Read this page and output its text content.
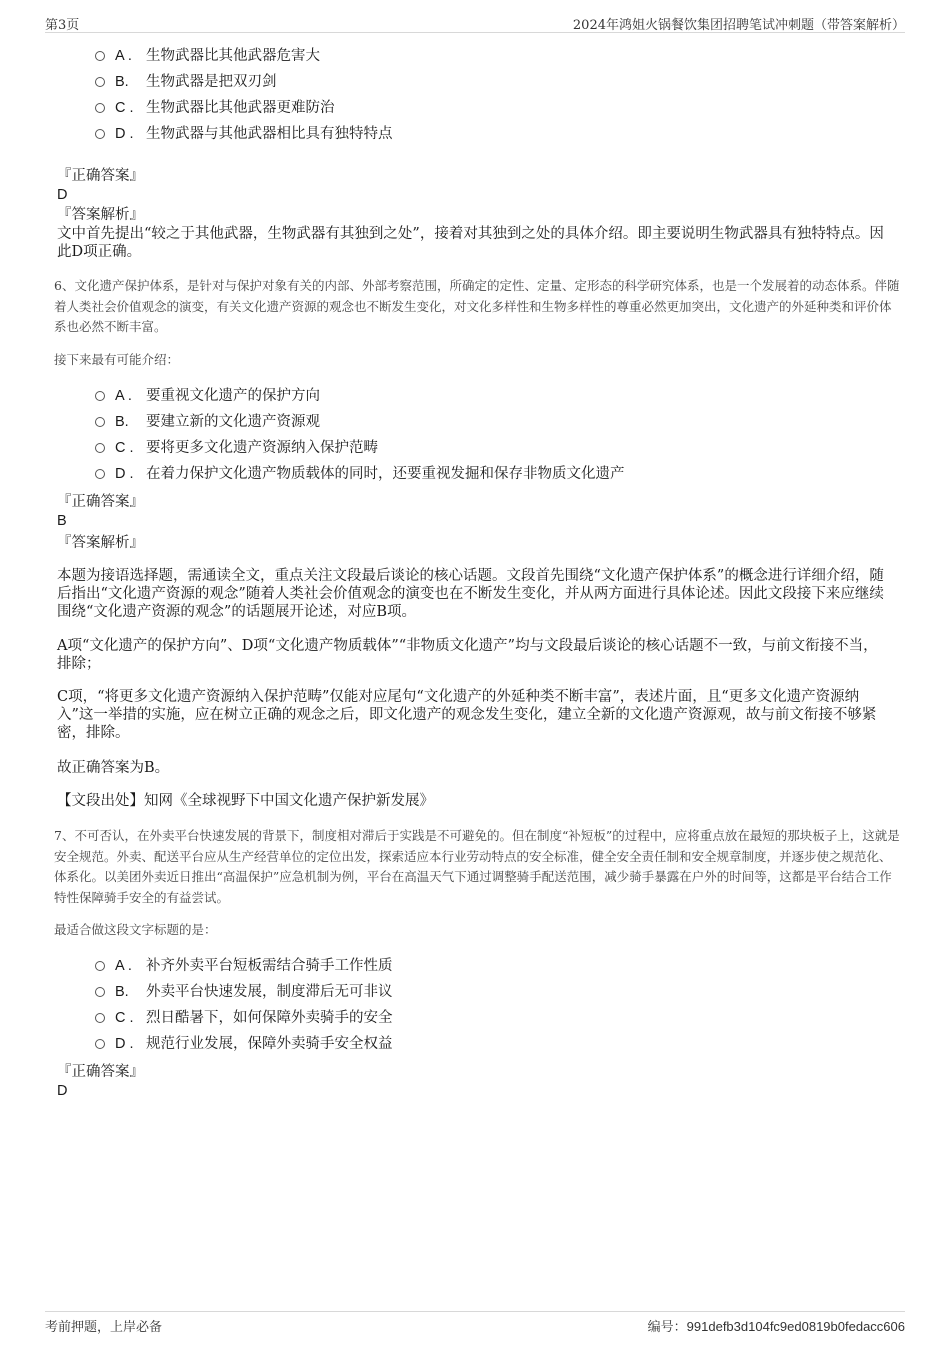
第3页	2024年鸿姐火锅餐饮集团招聘笔试冲刺题（带答案解析）
A . 生物武器比其他武器危害大
B. 生物武器是把双刃剑
C . 生物武器比其他武器更难防治
D . 生物武器与其他武器相比具有独特特点
『正确答案』
D
『答案解析』
文中首先提出“较之于其他武器，生物武器有其独到之处”，接着对其独到之处的具体介绍。即主要说明生物武器具有独特特点。因此D项正确。
6、文化遗产保护体系，是针对与保护对象有关的内部、外部考察范围，所确定的定性、定量、定形态的科学研究体系，也是一个发展着的动态体系。伴随着人类社会价值观念的演变，有关文化遗产资源的观念也不断发生变化，对文化多样性和生物多样性的尊重必然更加突出，文化遗产的外延种类和评价体系也必然不断丰富。
接下来最有可能介绍：
A . 要重视文化遗产的保护方向
B. 要建立新的文化遗产资源观
C . 要将更多文化遗产资源纳入保护范畴
D . 在着力保护文化遗产物质载体的同时，还要重视发掘和保存非物质文化遗产
『正确答案』
B
『答案解析』
本题为接语选择题，需通读全文，重点关注文段最后谈论的核心话题。文段首先围绕“文化遗产保护体系”的概念进行详细介绍，随后指出“文化遗产资源的观念”随着人类社会价值观念的演变也在不断发生变化，并从两方面进行具体论述。因此文段接下来应继续围绕“文化遗产资源的观念”的话题展开论述，对应B项。
A项“文化遗产的保护方向”、D项“文化遗产物质载体”“非物质文化遗产”均与文段最后谈论的核心话题不一致，与前文衔接不当，排除；
C项，“将更多文化遗产资源纳入保护范畴”仅能对应尾句“文化遗产的外延种类不断丰富”，表述片面，且“更多文化遗产资源纳入”这一举措的实施，应在树立正确的观念之后，即文化遗产的观念发生变化，建立全新的文化遗产资源观，故与前文衔接不够紧密，排除。
故正确答案为B。
【文段出处】知网《全球视野下中国文化遗产保护新发展》
7、不可否认，在外卖平台快速发展的背景下，制度相对滞后于实践是不可避免的。但在制度“补短板”的过程中，应将重点放在最短的那块板子上，这就是安全规范。外卖、配送平台应从生产经营单位的定位出发，探索适应本行业劳动特点的安全标准，健全安全责任制和安全规章制度，并逐步使之规范化、体系化。以美团外卖近日推出“高温保护”应急机制为例，平台在高温天气下通过调整骑手配送范围，减少骑手暴露在户外的时间等，这都是平台结合工作特性保障骑手安全的有益尝试。
最适合做这段文字标题的是：
A . 补齐外卖平台短板需结合骑手工作性质
B. 外卖平台快速发展，制度滞后无可非议
C . 烈日酷暑下，如何保障外卖骑手的安全
D . 规范行业发展，保障外卖骑手安全权益
『正确答案』
D
考前押题，上岸必备	编号：991defb3d104fc9ed0819b0fedacc606
